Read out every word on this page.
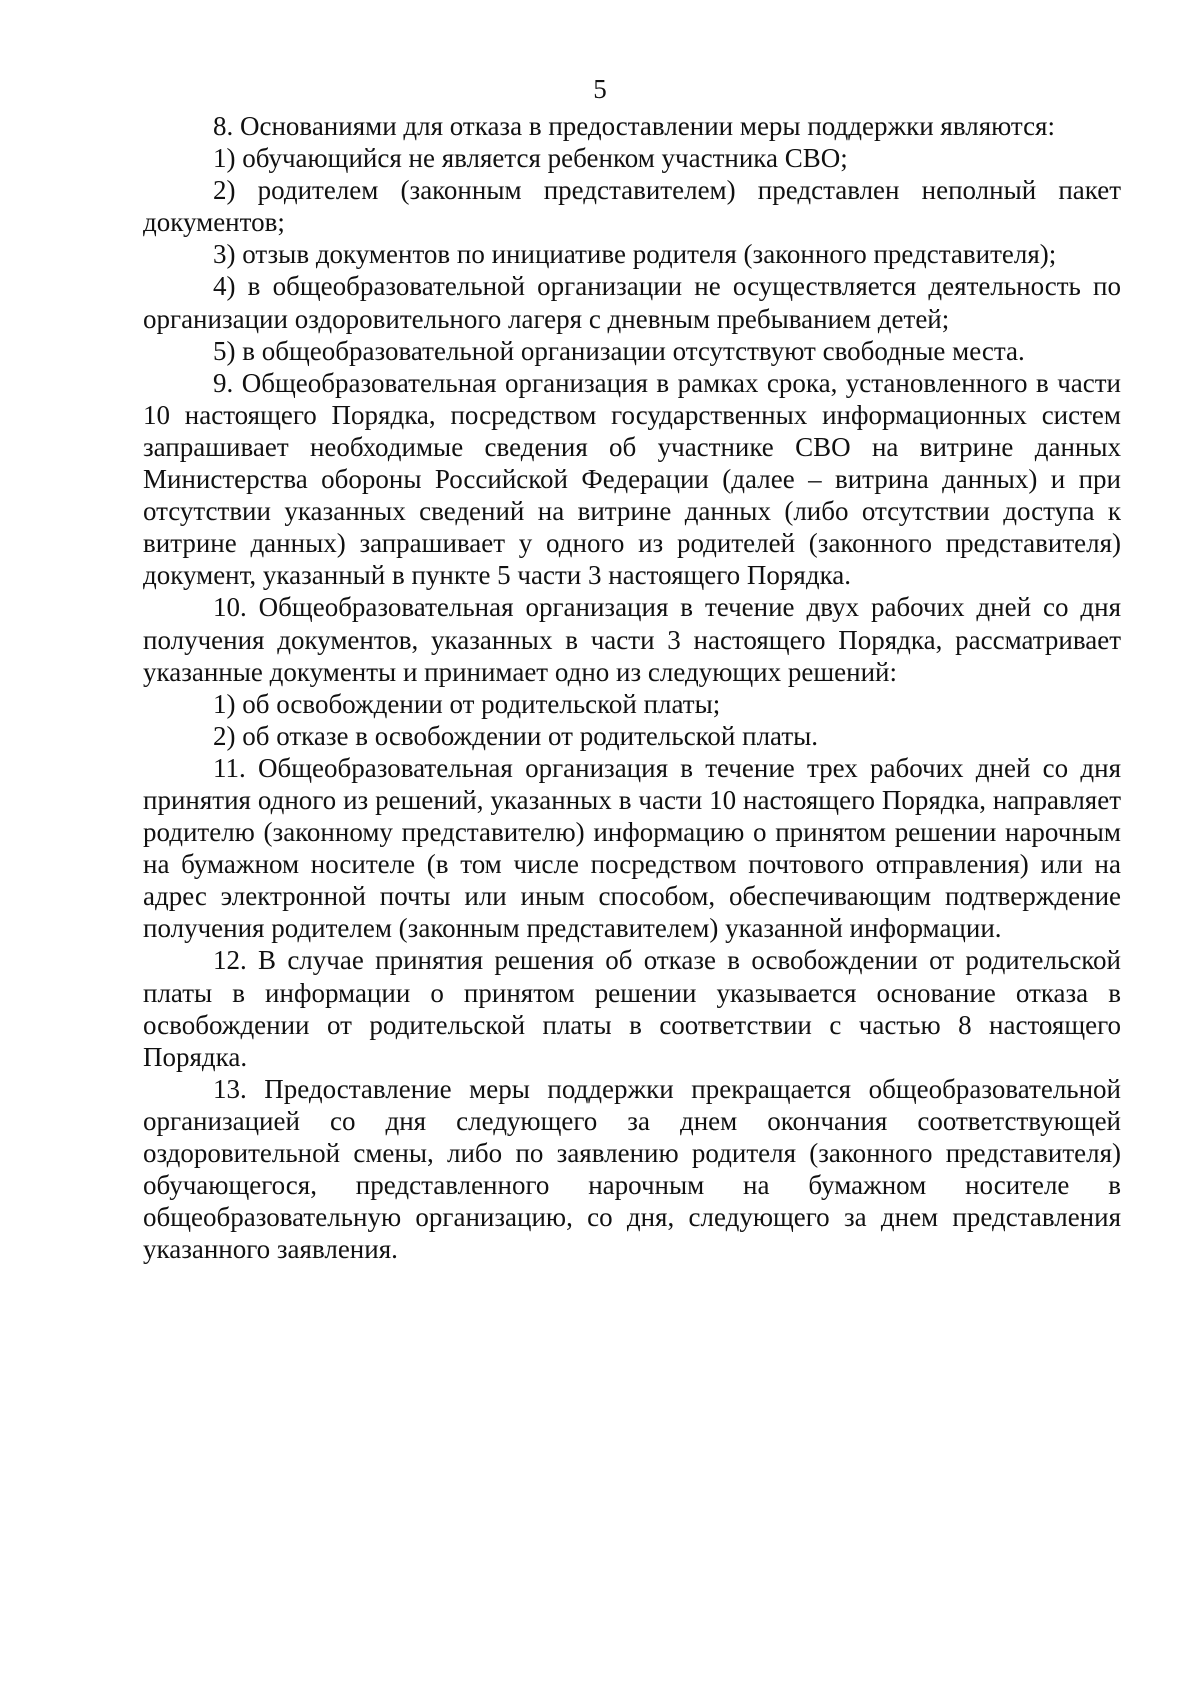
5

8. Основаниями для отказа в предоставлении меры поддержки являются:

1) обучающийся не является ребенком участника СВО;

2) родителем (законным представителем) представлен неполный пакет документов;

3) отзыв документов по инициативе родителя (законного представителя);

4) в общеобразовательной организации не осуществляется деятельность по организации оздоровительного лагеря с дневным пребыванием детей;

5) в общеобразовательной организации отсутствуют свободные места.

9. Общеобразовательная организация в рамках срока, установленного в части 10 настоящего Порядка, посредством государственных информационных систем запрашивает необходимые сведения об участнике СВО на витрине данных Министерства обороны Российской Федерации (далее – витрина данных) и при отсутствии указанных сведений на витрине данных (либо отсутствии доступа к витрине данных) запрашивает у одного из родителей (законного представителя) документ, указанный в пункте 5 части 3 настоящего Порядка.

10. Общеобразовательная организация в течение двух рабочих дней со дня получения документов, указанных в части 3 настоящего Порядка, рассматривает указанные документы и принимает одно из следующих решений:

1) об освобождении от родительской платы;

2) об отказе в освобождении от родительской платы.

11. Общеобразовательная организация в течение трех рабочих дней со дня принятия одного из решений, указанных в части 10 настоящего Порядка, направляет родителю (законному представителю) информацию о принятом решении нарочным на бумажном носителе (в том числе посредством почтового отправления) или на адрес электронной почты или иным способом, обеспечивающим подтверждение получения родителем (законным представителем) указанной информации.

12. В случае принятия решения об отказе в освобождении от родительской платы в информации о принятом решении указывается основание отказа в освобождении от родительской платы в соответствии с частью 8 настоящего Порядка.

13. Предоставление меры поддержки прекращается общеобразовательной организацией со дня следующего за днем окончания соответствующей оздоровительной смены, либо по заявлению родителя (законного представителя) обучающегося, представленного нарочным на бумажном носителе в общеобразовательную организацию, со дня, следующего за днем представления указанного заявления.
